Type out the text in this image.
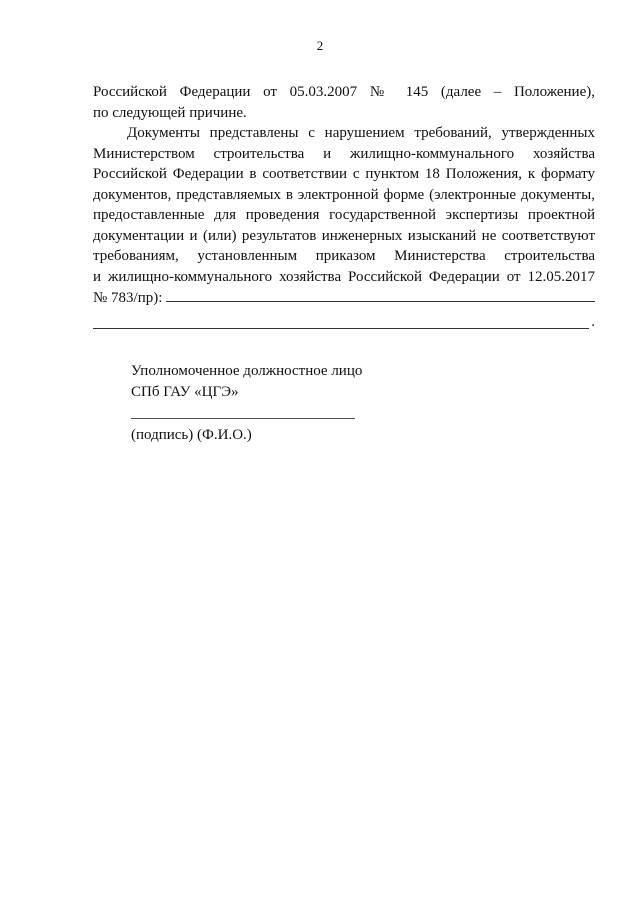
2
Российской Федерации от 05.03.2007 № 145 (далее – Положение),
по следующей причине.
Документы представлены с нарушением требований, утвержденных
Министерством строительства и жилищно-коммунального хозяйства
Российской Федерации в соответствии с пунктом 18 Положения, к формату
документов, представляемых в электронной форме (электронные документы,
предоставленные для проведения государственной экспертизы проектной
документации и (или) результатов инженерных изысканий не соответствуют
требованиям, установленным приказом Министерства строительства
и жилищно-коммунального хозяйства Российской Федерации от 12.05.2017
№ 783/пр):
.
Уполномоченное должностное лицо
СПб ГАУ «ЦГЭ»
(подпись) (Ф.И.О.)
